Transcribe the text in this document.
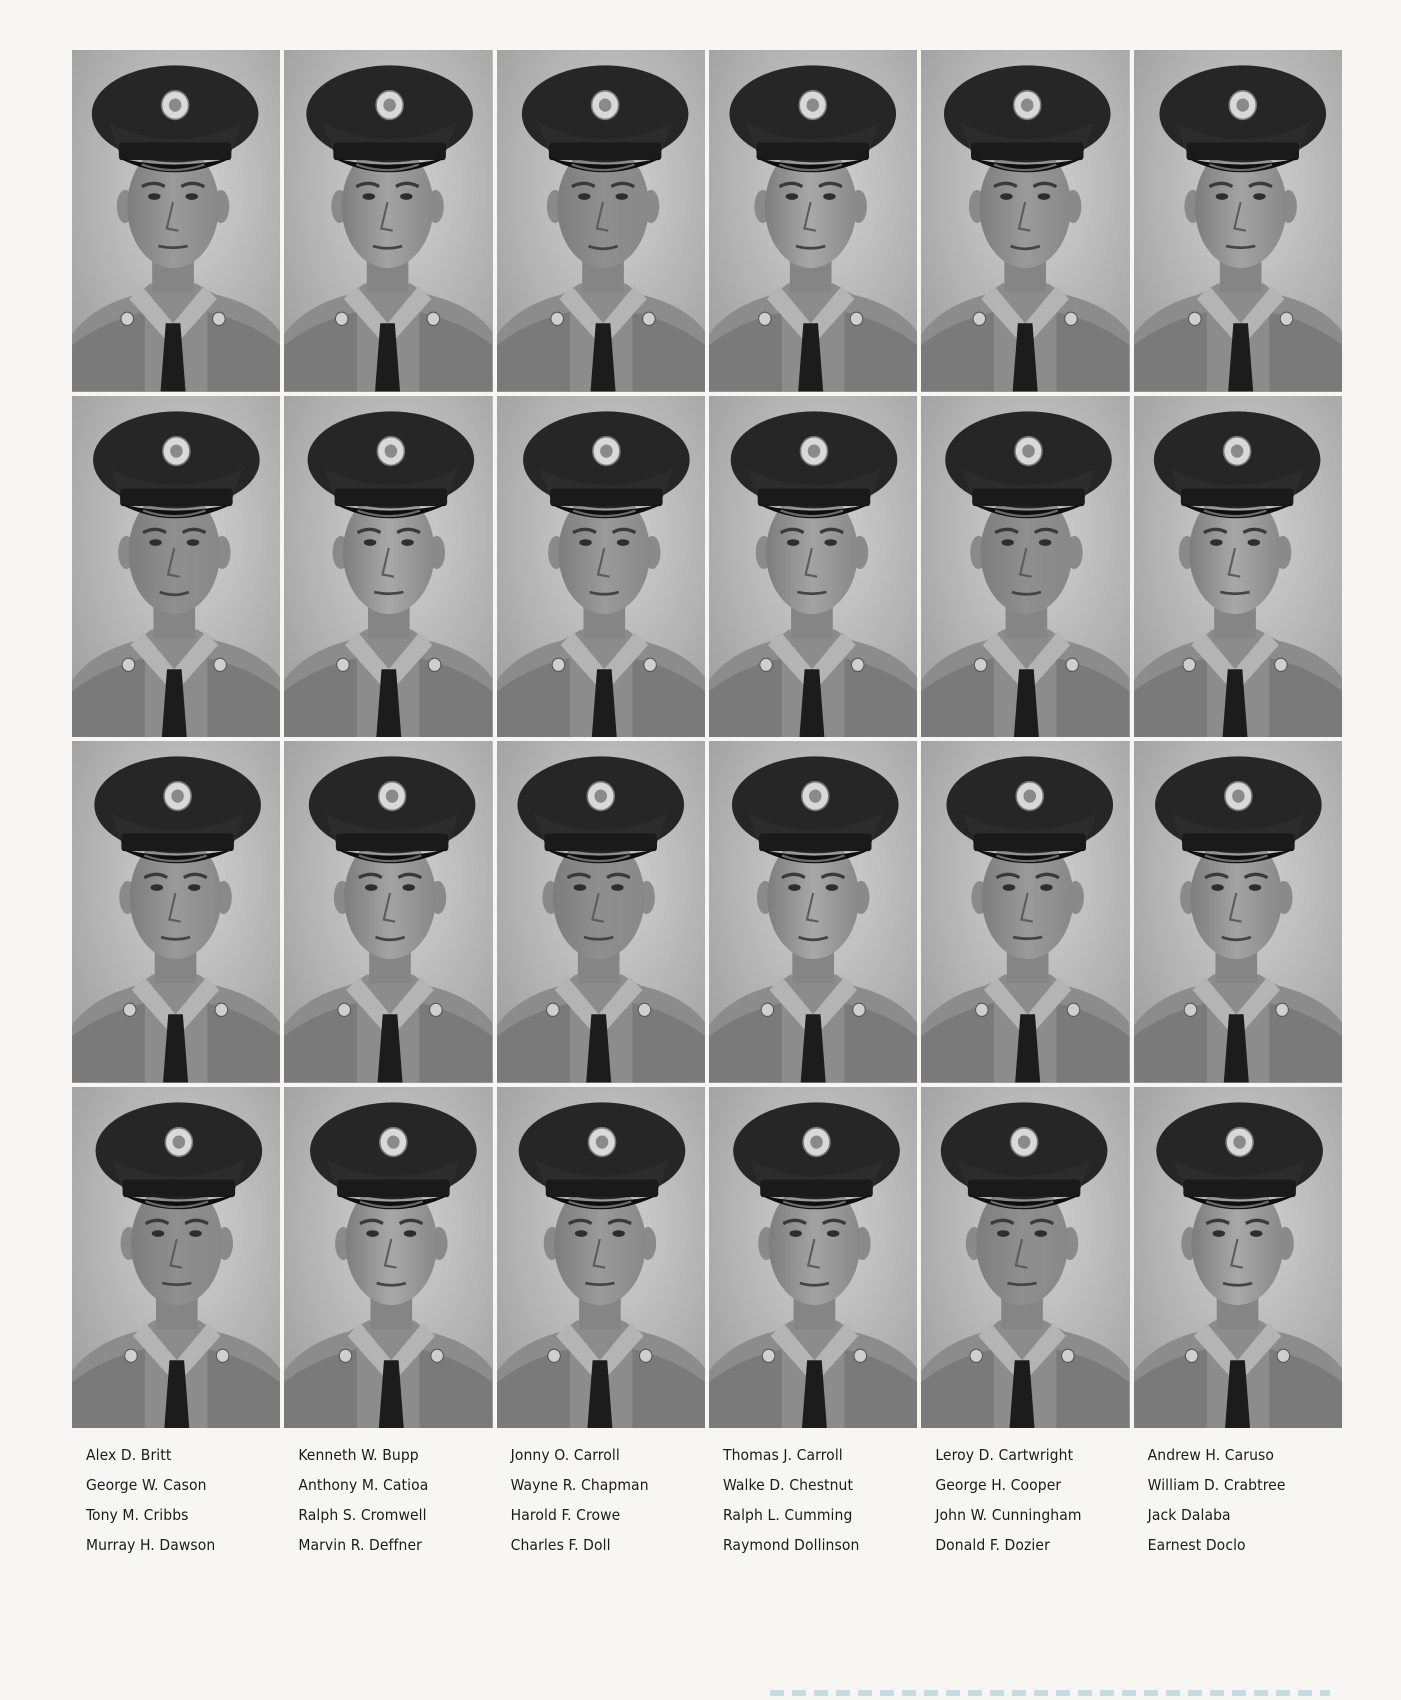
Alex D. Britt
George W. Cason
Tony M. Cribbs
Murray H. Dawson
Kenneth W. Bupp
Anthony M. Catioa
Ralph S. Cromwell
Marvin R. Deffner
Jonny O. Carroll
Wayne R. Chapman
Harold F. Crowe
Charles F. Doll
Thomas J. Carroll
Walke D. Chestnut
Ralph L. Cumming
Raymond Dollinson
Leroy D. Cartwright
George H. Cooper
John W. Cunningham
Donald F. Dozier
Andrew H. Caruso
William D. Crabtree
Jack Dalaba
Earnest Doclo
